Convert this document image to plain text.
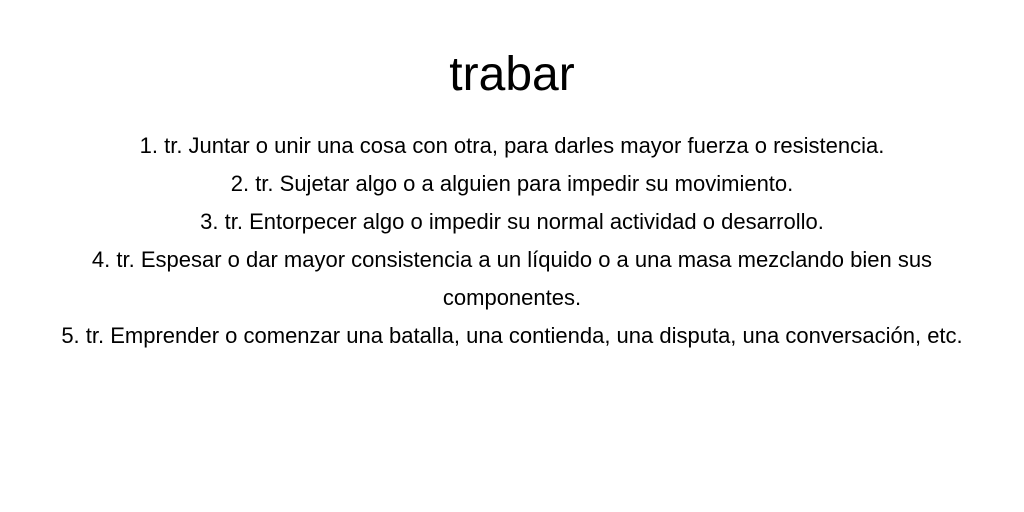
trabar
1. tr. Juntar o unir una cosa con otra, para darles mayor fuerza o resistencia.
2. tr. Sujetar algo o a alguien para impedir su movimiento.
3. tr. Entorpecer algo o impedir su normal actividad o desarrollo.
4. tr. Espesar o dar mayor consistencia a un líquido o a una masa mezclando bien sus componentes.
5. tr. Emprender o comenzar una batalla, una contienda, una disputa, una conversación, etc.
